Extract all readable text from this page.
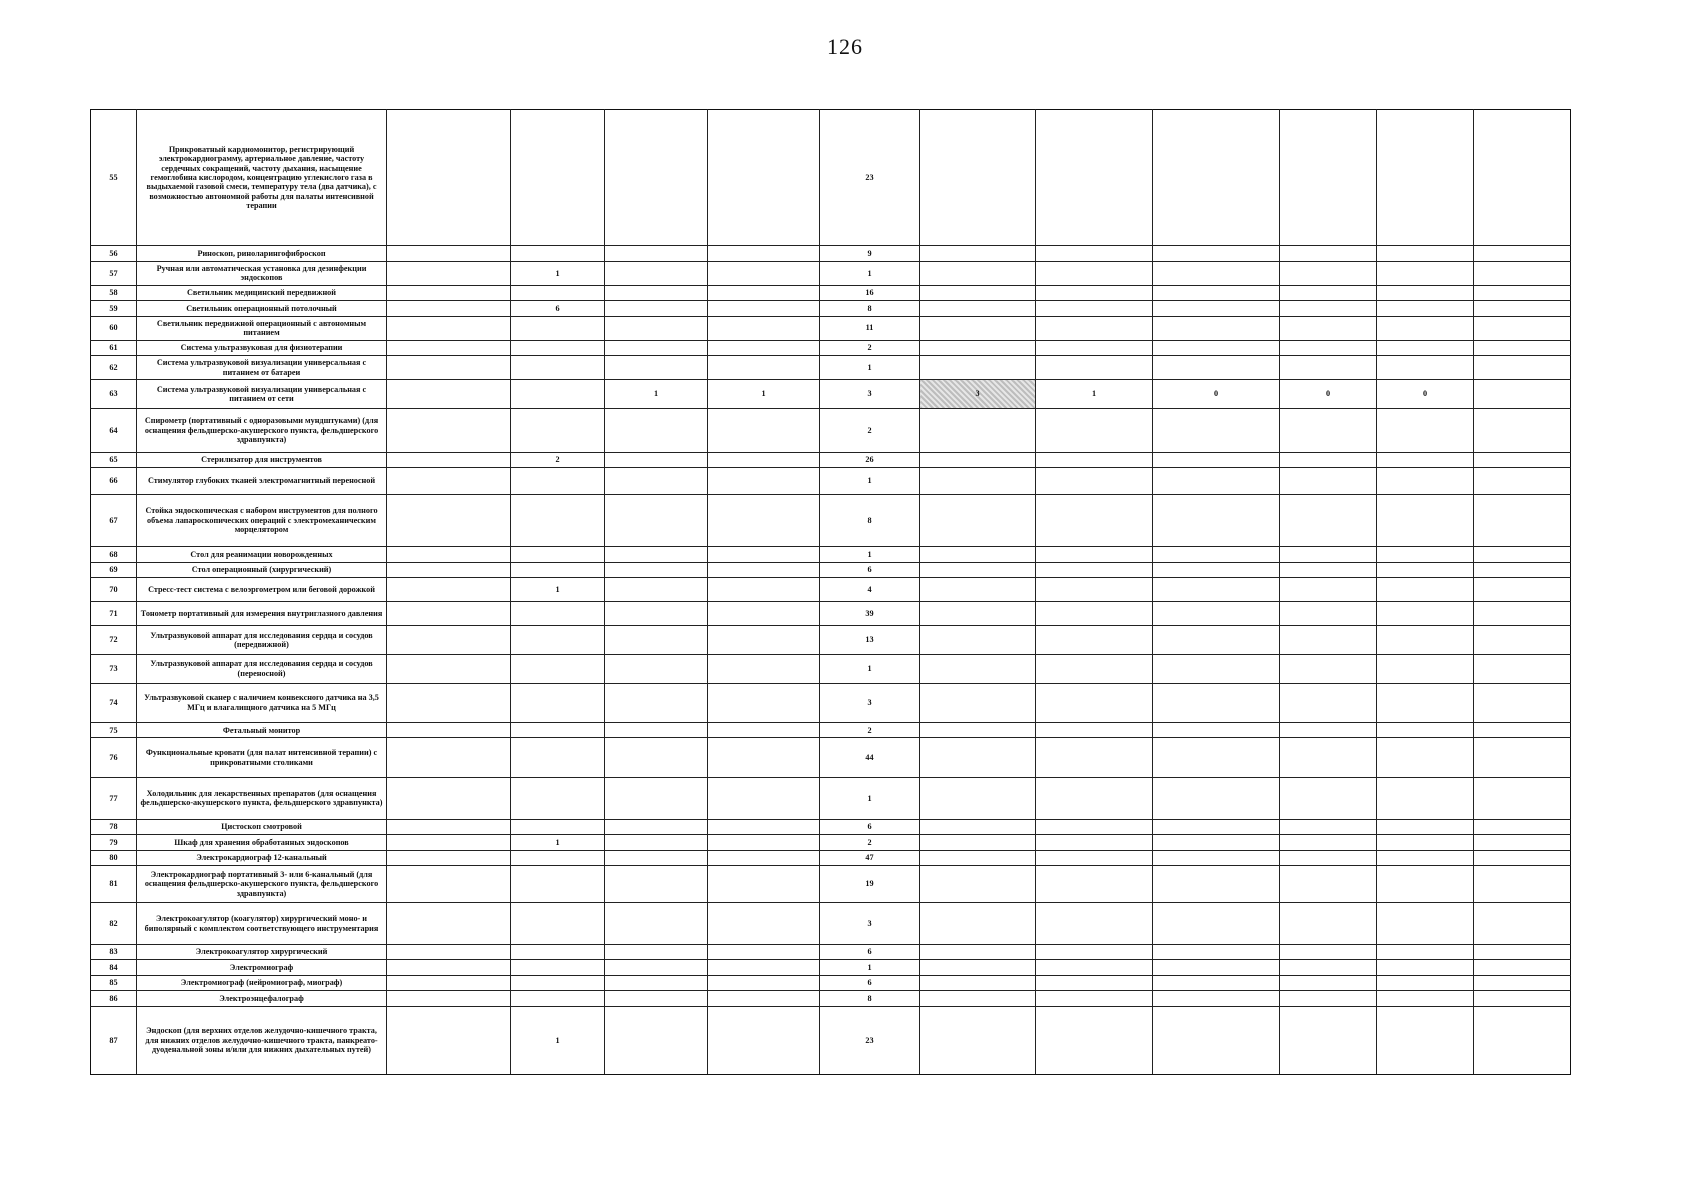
126
55	Прикроватный кардиомонитор, регистрирующий электрокардиограмму, артериальное давление, частоту сердечных сокращений, частоту дыхания, насыщение гемоглобина кислородом, концентрацию углекислого газа в выдыхаемой газовой смеси, температуру тела (два датчика), с возможностью автономной работы для палаты интенсивной терапии					23							
56	Риноскоп, риноларингофиброскоп					9							
57	Ручная или автоматическая установка для дезинфекции эндоскопов		1			1							
58	Светильник медицинский передвижной					16							
59	Светильник операционный потолочный		6			8							
60	Светильник передвижной операционный с автономным питанием					11							
61	Система ультразвуковая для физиотерапии					2							
62	Система ультразвуковой визуализации универсальная с питанием от батареи					1							
63	Система ультразвуковой визуализации универсальная с питанием от сети			1	1	3	3	1	0	0	0		
64	Спирометр (портативный с одноразовыми мундштуками) (для оснащения фельдшерско-акушерского пункта, фельдшерского здравпункта)					2							
65	Стерилизатор для инструментов		2			26							
66	Стимулятор глубоких тканей электромагнитный переносной					1							
67	Стойка эндоскопическая с набором инструментов для полного объема лапароскопических операций с электромеханическим морцелятором					8							
68	Стол для реанимации новорожденных					1							
69	Стол операционный (хирургический)					6							
70	Стресс-тест система с велоэргометром или беговой дорожкой		1			4							
71	Тонометр портативный для измерения внутриглазного давления					39							
72	Ультразвуковой аппарат для исследования сердца и сосудов (передвижной)					13							
73	Ультразвуковой аппарат для исследования сердца и сосудов (переносной)					1							
74	Ультразвуковой сканер с наличием конвексного датчика на 3,5 МГц и влагалищного датчика на 5 МГц					3							
75	Фетальный монитор					2							
76	Функциональные кровати (для палат интенсивной терапии) с прикроватными столиками					44							
77	Холодильник для лекарственных препаратов (для оснащения фельдшерско-акушерского пункта, фельдшерского здравпункта)					1							
78	Цистоскоп смотровой					6							
79	Шкаф для хранения обработанных эндоскопов		1			2							
80	Электрокардиограф 12-канальный					47							
81	Электрокардиограф портативный 3- или 6-канальный (для оснащения фельдшерско-акушерского пункта, фельдшерского здравпункта)					19							
82	Электрокоагулятор (коагулятор) хирургический моно- и биполярный с комплектом соответствующего инструментария					3							
83	Электрокоагулятор хирургический					6							
84	Электромиограф					1							
85	Электромиограф (нейромиограф, миограф)					6							
86	Электроэнцефалограф					8							
87	Эндоскоп (для верхних отделов желудочно-кишечного тракта, для нижних отделов желудочно-кишечного тракта, панкреато-дуоденальной зоны и/или для нижних дыхательных путей)		1			23							
